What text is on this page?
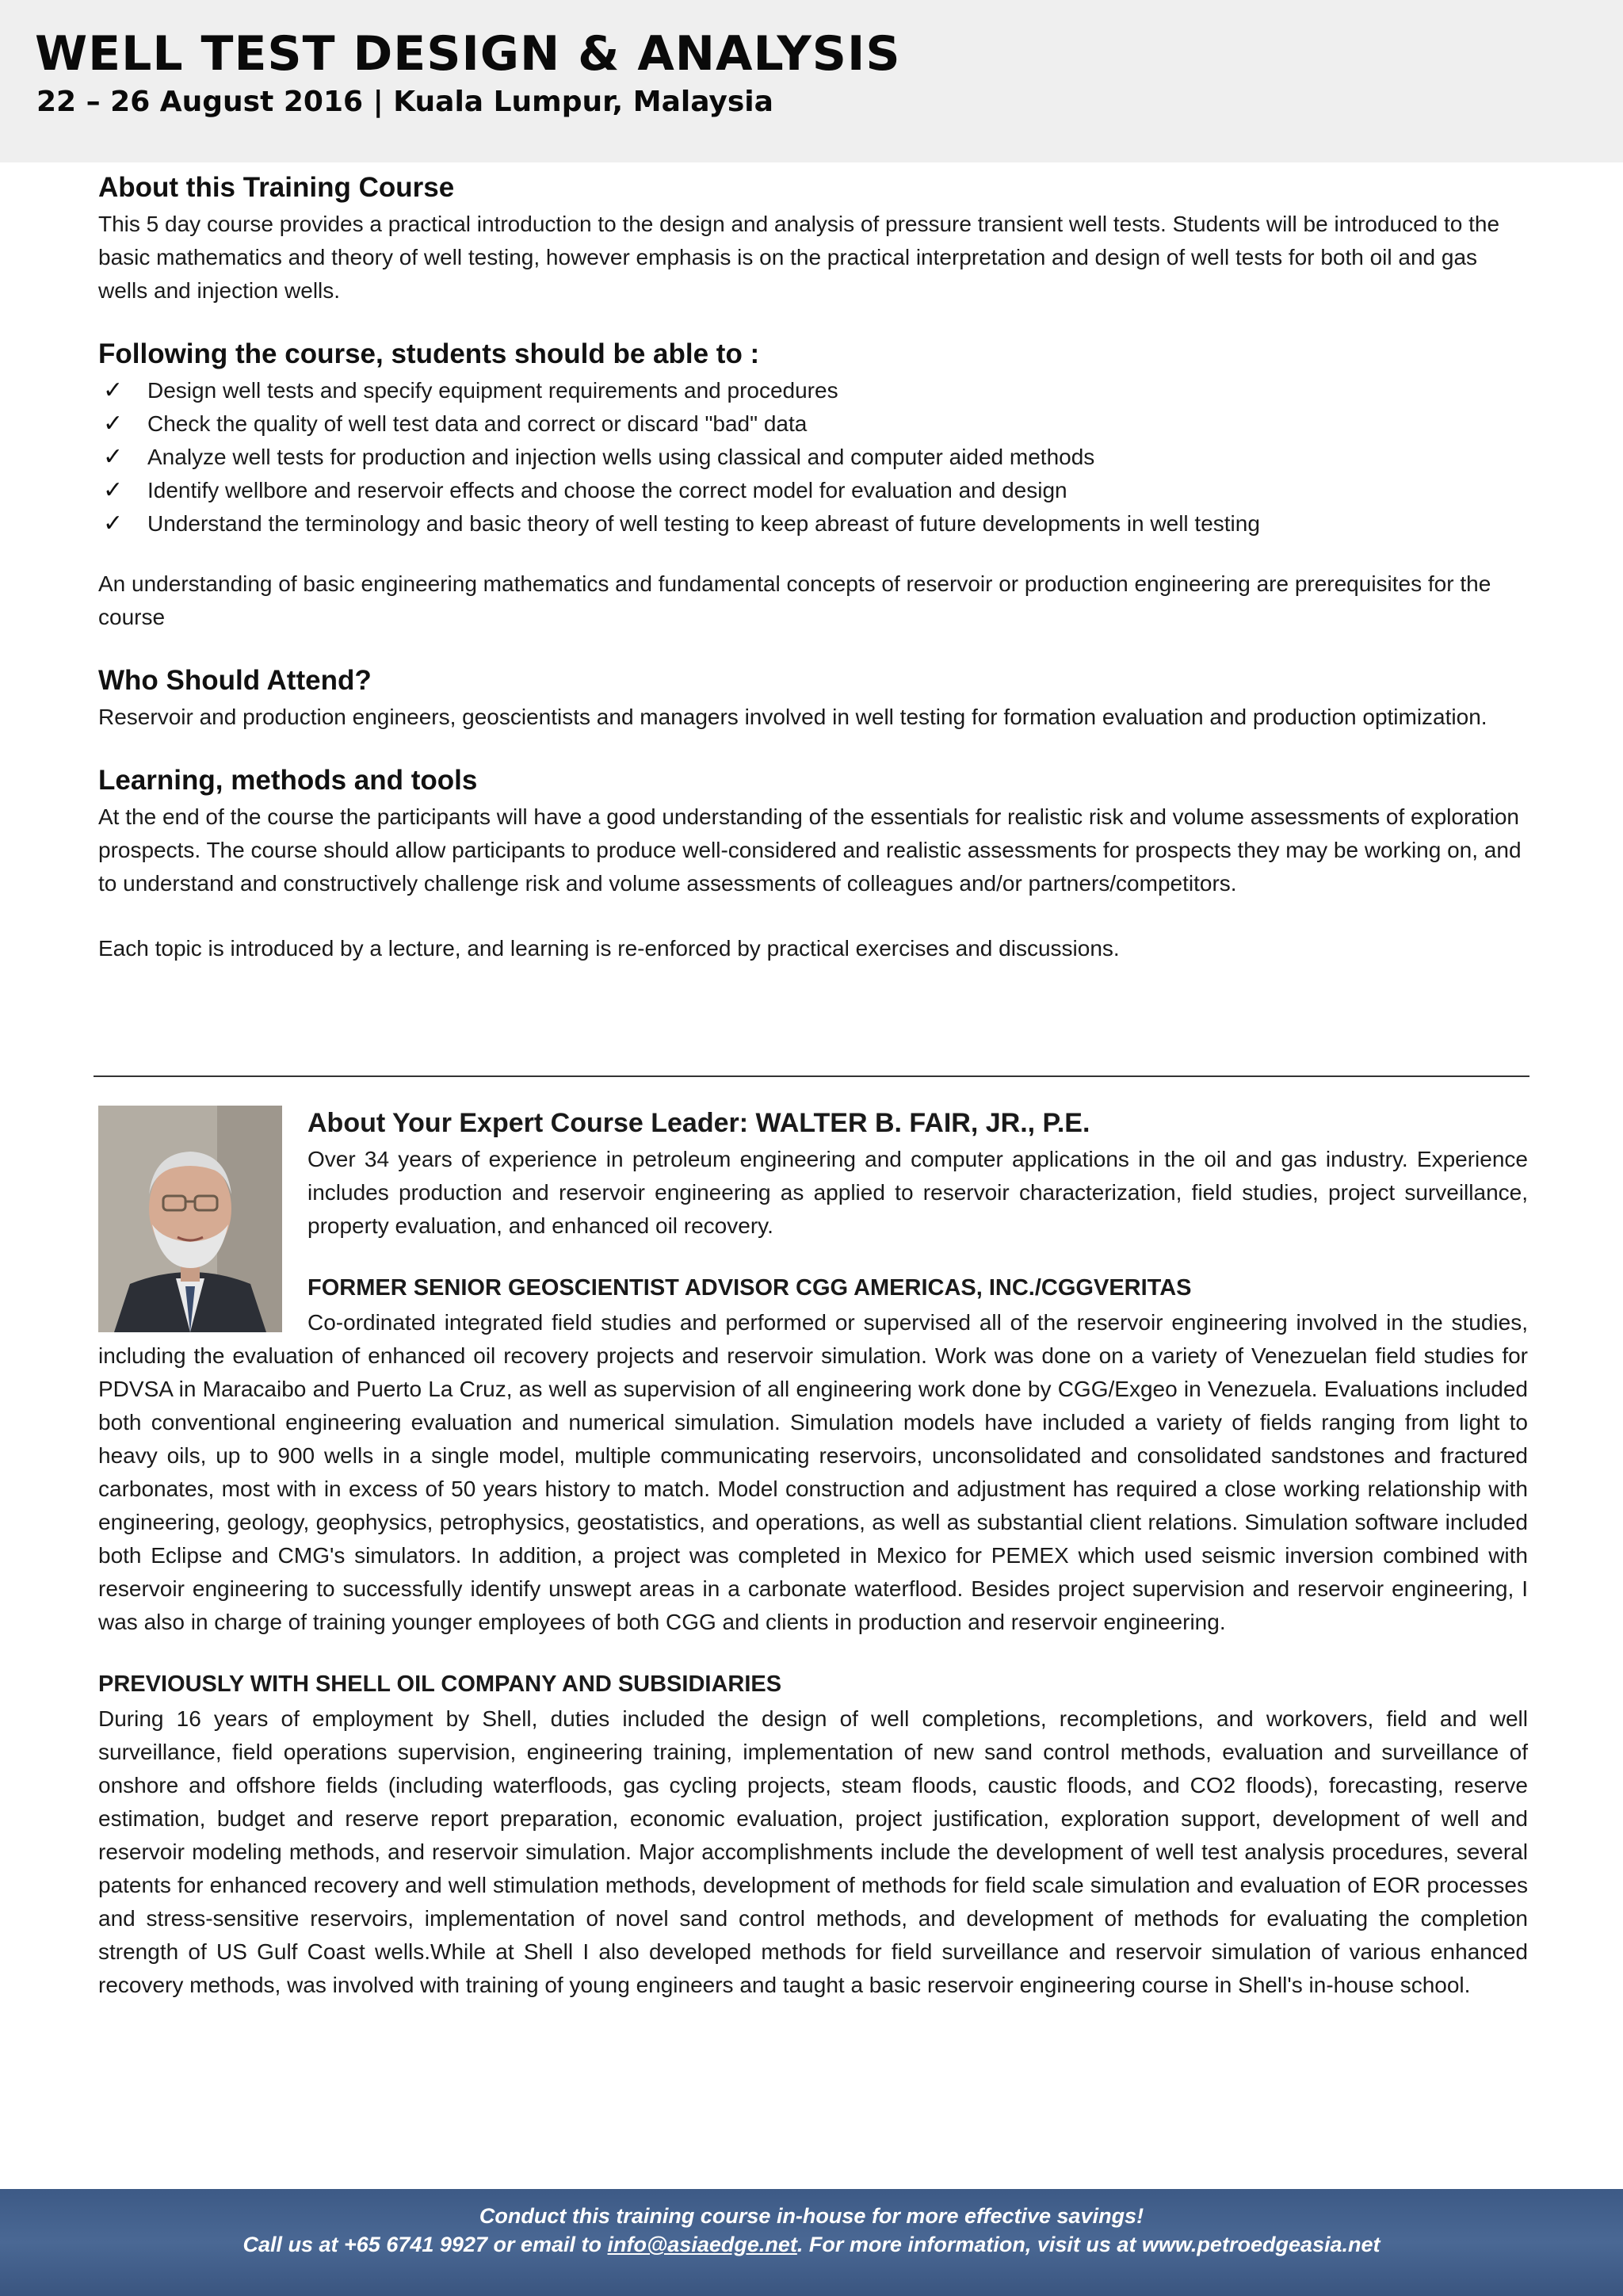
WELL TEST DESIGN & ANALYSIS

22 – 26 August 2016 | Kuala Lumpur, Malaysia

About this Training Course

This 5 day course provides a practical introduction to the design and analysis of pressure transient well tests. Students will be introduced to the basic mathematics and theory of well testing, however emphasis is on the practical interpretation and design of well tests for both oil and gas wells and injection wells.

Following the course, students should be able to :
✓ Design well tests and specify equipment requirements and procedures
✓ Check the quality of well test data and correct or discard "bad" data
✓ Analyze well tests for production and injection wells using classical and computer aided methods
✓ Identify wellbore and reservoir effects and choose the correct model for evaluation and design
✓ Understand the terminology and basic theory of well testing to keep abreast of future developments in well testing

An understanding of basic engineering mathematics and fundamental concepts of reservoir or production engineering are prerequisites for the course

Who Should Attend?

Reservoir and production engineers, geoscientists and managers involved in well testing for formation evaluation and production optimization.

Learning, methods and tools

At the end of the course the participants will have a good understanding of the essentials for realistic risk and volume assessments of exploration prospects. The course should allow participants to produce well-considered and realistic assessments for prospects they may be working on, and to understand and constructively challenge risk and volume assessments of colleagues and/or partners/competitors.

Each topic is introduced by a lecture, and learning is re-enforced by practical exercises and discussions.

About Your Expert Course Leader: WALTER B. FAIR, JR., P.E.

Over 34 years of experience in petroleum engineering and computer applications in the oil and gas industry. Experience includes production and reservoir engineering as applied to reservoir characterization, field studies, project surveillance, property evaluation, and enhanced oil recovery.

FORMER SENIOR GEOSCIENTIST ADVISOR CGG AMERICAS, INC./CGGVERITAS

Co-ordinated integrated field studies and performed or supervised all of the reservoir engineering involved in the studies, including the evaluation of enhanced oil recovery projects and reservoir simulation. Work was done on a variety of Venezuelan field studies for PDVSA in Maracaibo and Puerto La Cruz, as well as supervision of all engineering work done by CGG/Exgeo in Venezuela. Evaluations included both conventional engineering evaluation and numerical simulation. Simulation models have included a variety of fields ranging from light to heavy oils, up to 900 wells in a single model, multiple communicating reservoirs, unconsolidated and consolidated sandstones and fractured carbonates, most with in excess of 50 years history to match. Model construction and adjustment has required a close working relationship with engineering, geology, geophysics, petrophysics, geostatistics, and operations, as well as substantial client relations. Simulation software included both Eclipse and CMG's simulators. In addition, a project was completed in Mexico for PEMEX which used seismic inversion combined with reservoir engineering to successfully identify unswept areas in a carbonate waterflood. Besides project supervision and reservoir engineering, I was also in charge of training younger employees of both CGG and clients in production and reservoir engineering.

PREVIOUSLY WITH SHELL OIL COMPANY AND SUBSIDIARIES

During 16 years of employment by Shell, duties included the design of well completions, recompletions, and workovers, field and well surveillance, field operations supervision, engineering training, implementation of new sand control methods, evaluation and surveillance of onshore and offshore fields (including waterfloods, gas cycling projects, steam floods, caustic floods, and CO2 floods), forecasting, reserve estimation, budget and reserve report preparation, economic evaluation, project justification, exploration support, development of well and reservoir modeling methods, and reservoir simulation. Major accomplishments include the development of well test analysis procedures, several patents for enhanced recovery and well stimulation methods, development of methods for field scale simulation and evaluation of EOR processes and stress-sensitive reservoirs, implementation of novel sand control methods, and development of methods for evaluating the completion strength of US Gulf Coast wells.While at Shell I also developed methods for field surveillance and reservoir simulation of various enhanced recovery methods, was involved with training of young engineers and taught a basic reservoir engineering course in Shell's in-house school.

Conduct this training course in-house for more effective savings!
Call us at +65 6741 9927 or email to info@asiaedge.net. For more information, visit us at www.petroedgeasia.net
